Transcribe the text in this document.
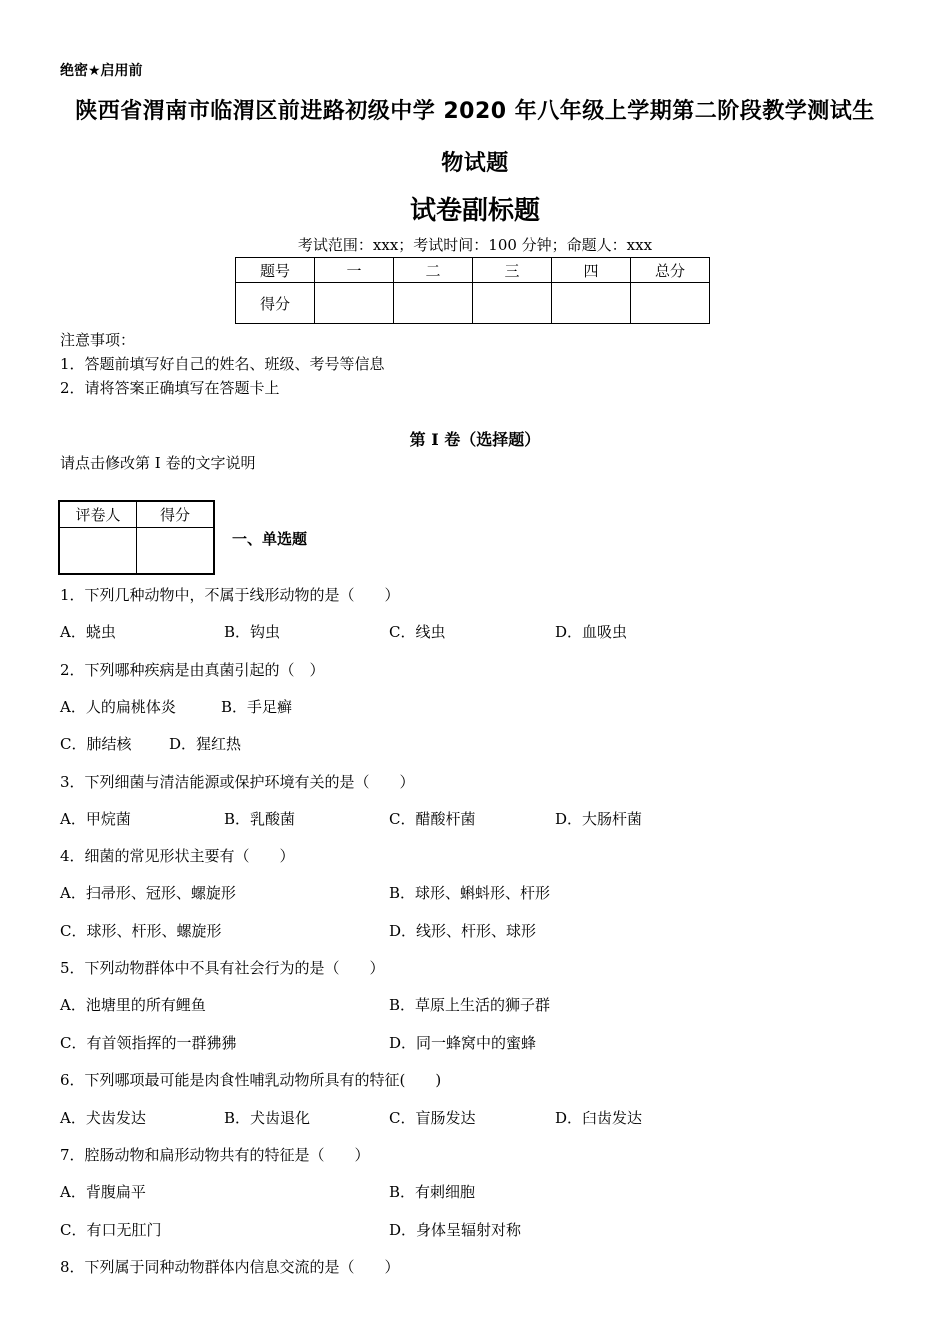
绝密★启用前
陕西省渭南市临渭区前进路初级中学 2020 年八年级上学期第二阶段教学测试生
物试题
试卷副标题
考试范围：xxx；考试时间：100 分钟；命题人：xxx
题号	一	二	三	四	总分
得分					
注意事项：
1．答题前填写好自己的姓名、班级、考号等信息
2．请将答案正确填写在答题卡上
第 I 卷（选择题）
请点击修改第 I 卷的文字说明
评卷人	得分

一、单选题
1．下列几种动物中，不属于线形动物的是（　　）
A．蛲虫	B．钩虫	C．线虫	D．血吸虫
2．下列哪种疾病是由真菌引起的（　）
A．人的扁桃体炎	B．手足癣
C．肺结核	D．猩红热
3．下列细菌与清洁能源或保护环境有关的是（　　）
A．甲烷菌	B．乳酸菌	C．醋酸杆菌	D．大肠杆菌
4．细菌的常见形状主要有（　　）
A．扫帚形、冠形、螺旋形	B．球形、蝌蚪形、杆形
C．球形、杆形、螺旋形	D．线形、杆形、球形
5．下列动物群体中不具有社会行为的是（　　）
A．池塘里的所有鲤鱼	B．草原上生活的狮子群
C．有首领指挥的一群狒狒	D．同一蜂窝中的蜜蜂
6．下列哪项最可能是肉食性哺乳动物所具有的特征(　　)
A．犬齿发达	B．犬齿退化	C．盲肠发达	D．臼齿发达
7．腔肠动物和扁形动物共有的特征是（　　）
A．背腹扁平	B．有刺细胞
C．有口无肛门	D．身体呈辐射对称
8．下列属于同种动物群体内信息交流的是（　　）
